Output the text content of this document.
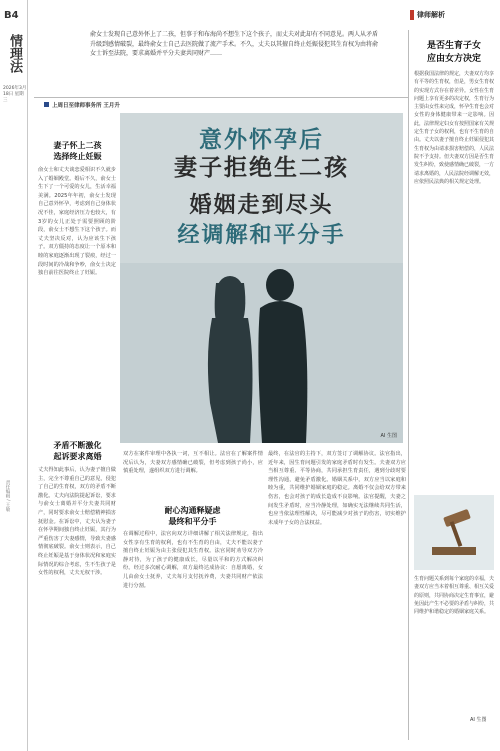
B4
情理法
2026年3月18日 星期三
责任编辑 / 王敏
俞女士发现自己意外怀上了二孩，但事于和布海尚不想生下这个孩子，而丈夫对此却有不同意见。两人从矛盾升级到感情破裂，最终俞女士自己去医院做了流产手术。不久，丈夫以其擅自终止妊娠侵犯其生育权为由将俞女士诉至法院，要求离婚并平分夫妻共同财产……
律师解析
上周日至律师事务所 王月升
意外怀孕后
妻子拒绝生二孩
婚姻走到尽头
经调解和平分手
AI 生图
妻子怀上二孩
选择终止妊娠
俞女士和丈夫谈恋爱相识不久就步入了婚姻殿堂。婚后不久，俞女士生下了一个可爱的女儿，生活幸福美满。2025年年初，俞女士发现自己意外怀孕，考虑到自己身体状况不佳，家庭经济压力也较大，有3岁的女儿正处于需要照顾的阶段，俞女士不想生下这个孩子。而丈夫坚决反对，认为应该生下孩子。双方僵持的态度让一个原本和睦的家庭逐渐出现了裂痕，经过一段时间的冷战和争吵，俞女士决定独自前往医院终止了妊娠。
矛盾不断激化
起诉要求离婚
丈夫得知此事后，认为妻子擅自做主，完全不尊重自己的意见，侵犯了自己的生育权，双方的矛盾不断激化。丈夫向法院提起诉讼，要求与俞女士离婚并平分夫妻共同财产，同时要求俞女士赔偿精神损害抚慰金。在诉讼中，丈夫认为妻子在怀孕期间独自终止妊娠，其行为严重伤害了夫妻感情，导致夫妻感情彻底破裂。俞女士则表示，自己终止妊娠是基于身体状况和家庭实际情况的综合考虑，生不生孩子是女性的权利，丈夫无权干涉。
双方在案件审理中各执一词，互不相让。法官在了解案件情况后认为，夫妻双方感情确已破裂，但考虑到孩子尚小，应慎重处理，遂组织双方进行调解。
耐心沟通释疑虑
最终和平分手
在调解过程中，法官向双方详细讲解了相关法律规定，指出女性享有生育的权利，也有不生育的自由，丈夫不能以妻子擅自终止妊娠为由主张侵犯其生育权。法官同时劝导双方冷静对待，为了孩子的健康成长，尽量以平和的方式解决纠纷。经过多次耐心调解，双方最终达成协议：自愿离婚，女儿由俞女士抚养，丈夫每月支付抚养费，夫妻共同财产依法进行分割。
最终，在法官的主持下，双方签订了调解协议。法官指出，近年来，因生育问题引发的家庭矛盾时有发生。夫妻双方应当相互尊重、平等协商，共同承担生育责任，遇到分歧时要理性沟通，避免矛盾激化。婚姻关系中，双方应当以家庭和睦为重，共同维护婚姻家庭的稳定。离婚不仅会给双方带来伤害，也会对孩子的成长造成不良影响。法官提醒，夫妻之间发生矛盾时，应当冷静处理，如确实无法继续共同生活，也应当依法理性解决，尽可能减少对孩子的伤害，切实维护未成年子女的合法权益。
是否生育子女
应由女方决定
根据我国法律的规定，夫妻双方均享有平等的生育权，但是，男女生育权的实现方式存在着差异。女性在生育问题上享有更多的决定权，生育行为主要由女性来完成，怀孕生育也会对女性的身体健康带来一定影响。因此，法律规定妇女有按照国家有关规定生育子女的权利，也有不生育的自由。丈夫以妻子擅自终止妊娠侵犯其生育权为由请求损害赔偿的，人民法院不予支持。但夫妻双方因是否生育发生纠纷，致使感情确已破裂，一方请求离婚的，人民法院经调解无效，应依照民法典的相关规定处理。
生育问题关系到每个家庭的幸福，夫妻双方应当本着相互尊重、相互关爱的原则，共同协商决定生育事宜，避免因此产生不必要的矛盾与纠纷，共同维护和谐稳定的婚姻家庭关系。
AI 生图
